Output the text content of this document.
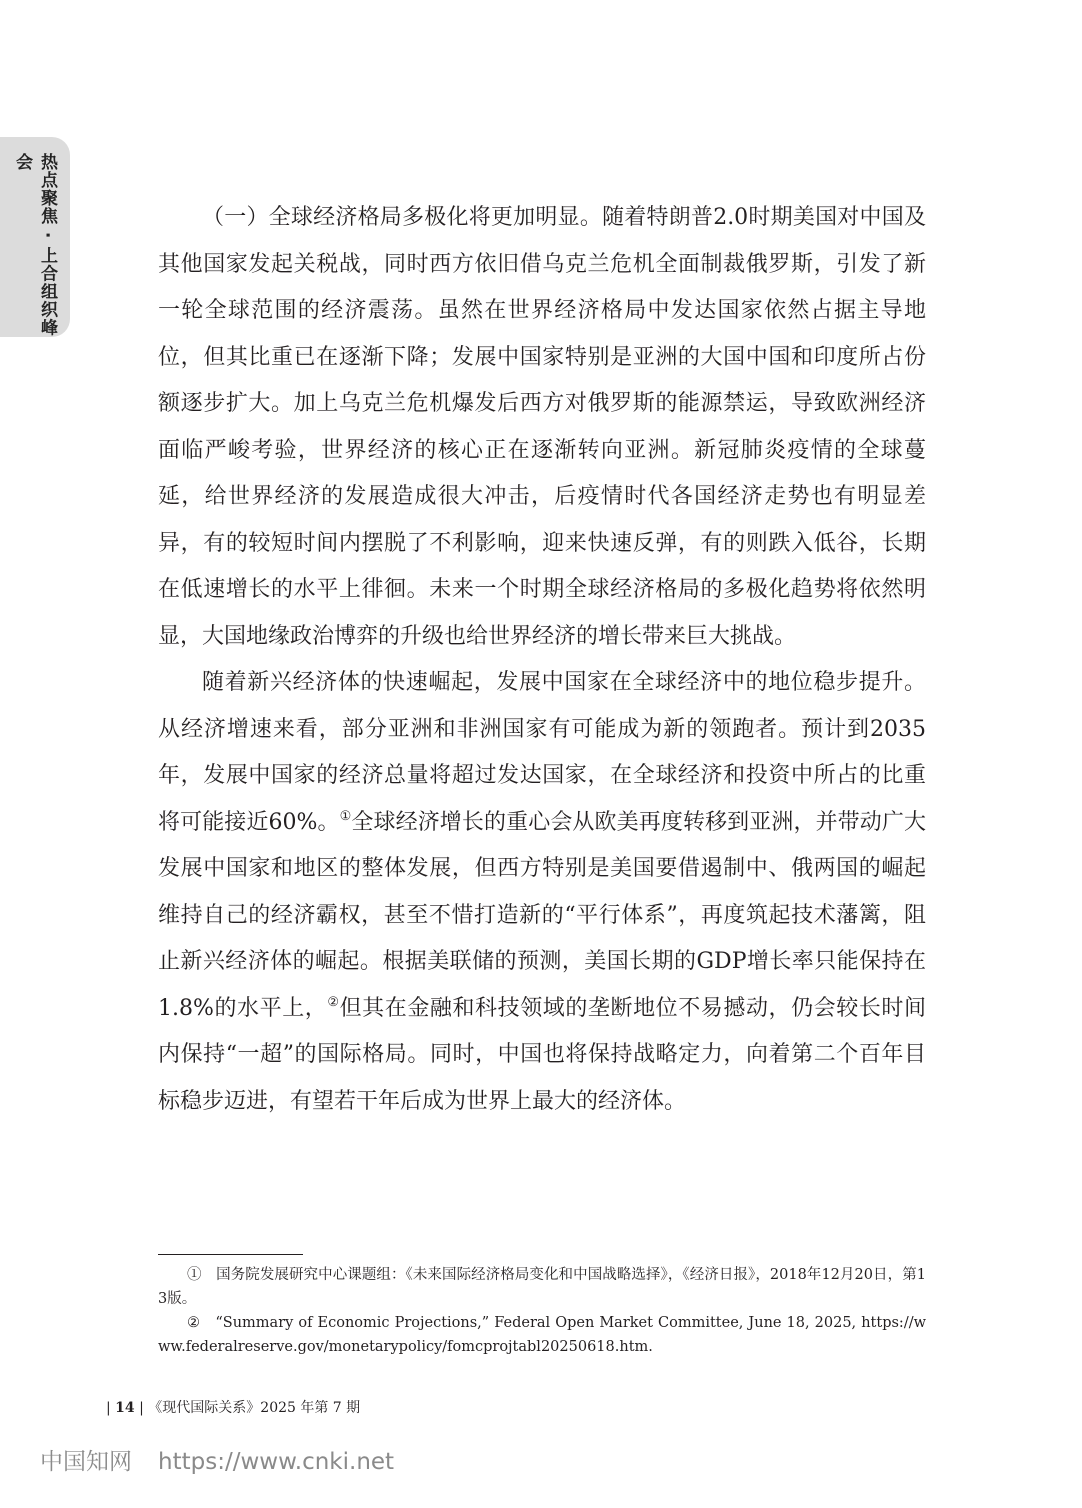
热点聚焦 · 上合组织峰会

（一）全球经济格局多极化将更加明显。随着特朗普2.0时期美国对中国及其他国家发起关税战，同时西方依旧借乌克兰危机全面制裁俄罗斯，引发了新一轮全球范围的经济震荡。虽然在世界经济格局中发达国家依然占据主导地位，但其比重已在逐渐下降；发展中国家特别是亚洲的大国中国和印度所占份额逐步扩大。加上乌克兰危机爆发后西方对俄罗斯的能源禁运，导致欧洲经济面临严峻考验，世界经济的核心正在逐渐转向亚洲。新冠肺炎疫情的全球蔓延，给世界经济的发展造成很大冲击，后疫情时代各国经济走势也有明显差异，有的较短时间内摆脱了不利影响，迎来快速反弹，有的则跌入低谷，长期在低速增长的水平上徘徊。未来一个时期全球经济格局的多极化趋势将依然明显，大国地缘政治博弈的升级也给世界经济的增长带来巨大挑战。

随着新兴经济体的快速崛起，发展中国家在全球经济中的地位稳步提升。从经济增速来看，部分亚洲和非洲国家有可能成为新的领跑者。预计到2035年，发展中国家的经济总量将超过发达国家，在全球经济和投资中所占的比重将可能接近60%。①全球经济增长的重心会从欧美再度转移到亚洲，并带动广大发展中国家和地区的整体发展，但西方特别是美国要借遏制中、俄两国的崛起维持自己的经济霸权，甚至不惜打造新的“平行体系”，再度筑起技术藩篱，阻止新兴经济体的崛起。根据美联储的预测，美国长期的GDP增长率只能保持在1.8%的水平上，②但其在金融和科技领域的垄断地位不易撼动，仍会较长时间内保持“一超”的国际格局。同时，中国也将保持战略定力，向着第二个百年目标稳步迈进，有望若干年后成为世界上最大的经济体。

①　国务院发展研究中心课题组：《未来国际经济格局变化和中国战略选择》，《经济日报》，2018年12月20日，第13版。

②　“Summary of Economic Projections,” Federal Open Market Committee, June 18, 2025, https://www.federalreserve.gov/monetarypolicy/fomcprojtabl20250618.htm.

| 14 | 《现代国际关系》2025 年第 7 期
中国知网 https://www.cnki.net
